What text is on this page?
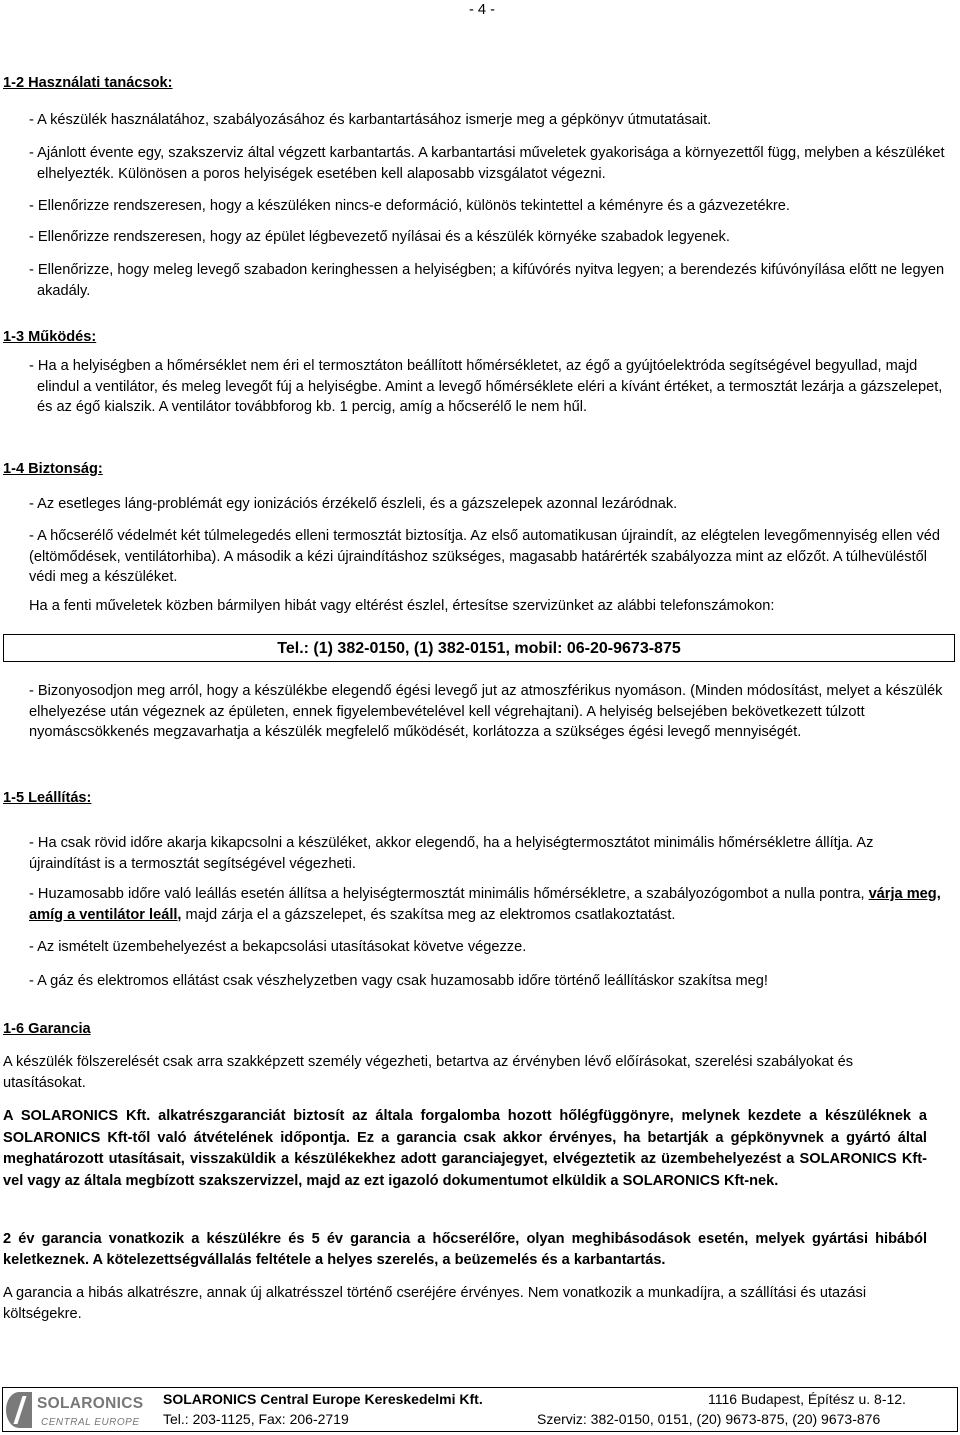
- 4 -
1-2 Használati tanácsok:

- A készülék használatához, szabályozásához és karbantartásához ismerje meg a gépkönyv útmutatásait.

- Ajánlott évente egy, szakszerviz által végzett karbantartás. A karbantartási műveletek gyakorisága a környezettől függ, melyben a készüléket elhelyezték. Különösen a poros helyiségek esetében kell alaposabb vizsgálatot végezni.

- Ellenőrizze rendszeresen, hogy a készüléken nincs-e deformáció, különös tekintettel a kéményre és a gázvezetékre.

- Ellenőrizze rendszeresen, hogy az épület légbevezető nyílásai és a készülék környéke szabadok legyenek.

- Ellenőrizze, hogy meleg levegő szabadon keringhessen a helyiségben; a kifúvórés nyitva legyen; a berendezés kifúvónyílása előtt ne legyen akadály.

1-3 Működés:

- Ha a helyiségben a hőmérséklet nem éri el termosztáton beállított hőmérsékletet, az égő a gyújtóelektróda segítségével begyullad, majd elindul a ventilátor, és meleg levegőt fúj a helyiségbe. Amint a levegő hőmérséklete eléri a kívánt értéket, a termosztát lezárja a gázszelepet, és az égő kialszik. A ventilátor továbbforog kb. 1 percig, amíg a hőcserélő le nem hűl.

1-4 Biztonság:

- Az esetleges láng-problémát egy ionizációs érzékelő észleli, és a gázszelepek azonnal lezáródnak.

- A hőcserélő védelmét két túlmelegedés elleni termosztát biztosítja. Az első automatikusan újraindít, az elégtelen levegőmennyiség ellen véd (eltömődések, ventilátorhiba). A második a kézi újraindításhoz szükséges, magasabb határérték szabályozza mint az előzőt. A túlhevüléstől védi meg a készüléket.

Ha a fenti műveletek közben bármilyen hibát vagy eltérést észlel, értesítse szervizünket az alábbi telefonszámokon:

Tel.: (1) 382-0150, (1) 382-0151, mobil: 06-20-9673-875

- Bizonyosodjon meg arról, hogy a készülékbe elegendő égési levegő jut az atmoszférikus nyomáson. (Minden módosítást, melyet a készülék elhelyezése után végeznek az épületen, ennek figyelembevételével kell végrehajtani). A helyiség belsejében bekövetkezett túlzott nyomáscsökkenés megzavarhatja a készülék megfelelő működését, korlátozza a szükséges égési levegő mennyiségét.

1-5 Leállítás:

- Ha csak rövid időre akarja kikapcsolni a készüléket, akkor elegendő, ha a helyiségtermosztátot minimális hőmérsékletre állítja. Az újraindítást is a termosztát segítségével végezheti.

- Huzamosabb időre való leállás esetén állítsa a helyiségtermosztát minimális hőmérsékletre, a szabályozógombot a nulla pontra, várja meg, amíg a ventilátor leáll, majd zárja el a gázszelepet, és szakítsa meg az elektromos csatlakoztatást.

- Az ismételt üzembehelyezést a bekapcsolási utasításokat követve végezze.

- A gáz és elektromos ellátást csak vészhelyzetben vagy csak huzamosabb időre történő leállításkor szakítsa meg!

1-6 Garancia

A készülék fölszerelését csak arra szakképzett személy végezheti, betartva az érvényben lévő előírásokat, szerelési szabályokat és utasításokat.

A SOLARONICS Kft. alkatrészgaranciát biztosít az általa forgalomba hozott hőlégfüggönyre, melynek kezdete a készüléknek a SOLARONICS Kft-től való átvételének időpontja. Ez a garancia csak akkor érvényes, ha betartják a gépkönyvnek a gyártó által meghatározott utasításait, visszaküldik a készülékekhez adott garanciajegyet, elvégeztetik az üzembehelyezést a SOLARONICS Kft-vel vagy az általa megbízott szakszervizzel, majd az ezt igazoló dokumentumot elküldik a SOLARONICS Kft-nek.

2 év garancia vonatkozik a készülékre és 5 év garancia a hőcserélőre, olyan meghibásodások esetén, melyek gyártási hibából keletkeznek. A kötelezettségvállalás feltétele a helyes szerelés, a beüzemelés és a karbantartás.

A garancia a hibás alkatrészre, annak új alkatrésszel történő cseréjére érvényes. Nem vonatkozik a munkadíjra, a szállítási és utazási költségekre.

SOLARONICS
CENTRAL EUROPE
SOLARONICS Central Europe Kereskedelmi Kft.	1116 Budapest, Építész u. 8-12.
Tel.: 203-1125, Fax: 206-2719	Szerviz: 382-0150, 0151, (20) 9673-875, (20) 9673-876
